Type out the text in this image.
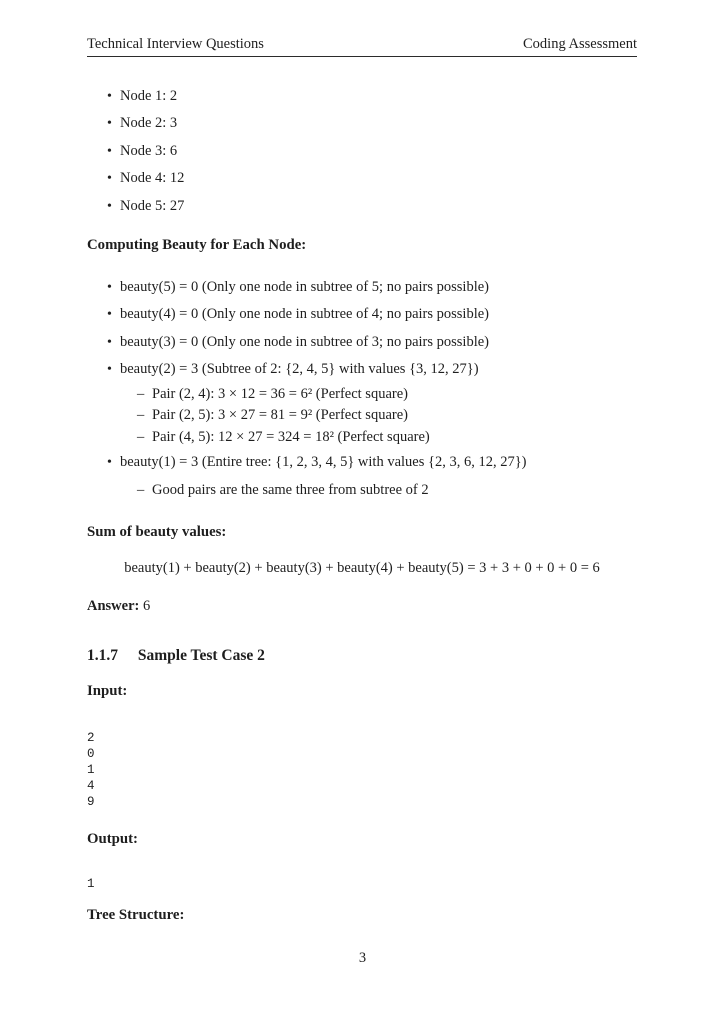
Technical Interview Questions	Coding Assessment
• Node 1: 2
• Node 2: 3
• Node 3: 6
• Node 4: 12
• Node 5: 27
Computing Beauty for Each Node:
• beauty(5) = 0 (Only one node in subtree of 5; no pairs possible)
• beauty(4) = 0 (Only one node in subtree of 4; no pairs possible)
• beauty(3) = 0 (Only one node in subtree of 3; no pairs possible)
• beauty(2) = 3 (Subtree of 2: {2, 4, 5} with values {3, 12, 27})
– Pair (2, 4): 3 × 12 = 36 = 6² (Perfect square)
– Pair (2, 5): 3 × 27 = 81 = 9² (Perfect square)
– Pair (4, 5): 12 × 27 = 324 = 18² (Perfect square)
• beauty(1) = 3 (Entire tree: {1, 2, 3, 4, 5} with values {2, 3, 6, 12, 27})
– Good pairs are the same three from subtree of 2
Sum of beauty values:
beauty(1) + beauty(2) + beauty(3) + beauty(4) + beauty(5) = 3 + 3 + 0 + 0 + 0 = 6
Answer: 6
1.1.7 Sample Test Case 2
Input:
2
0
1
4
9
Output:
1
Tree Structure:
3
